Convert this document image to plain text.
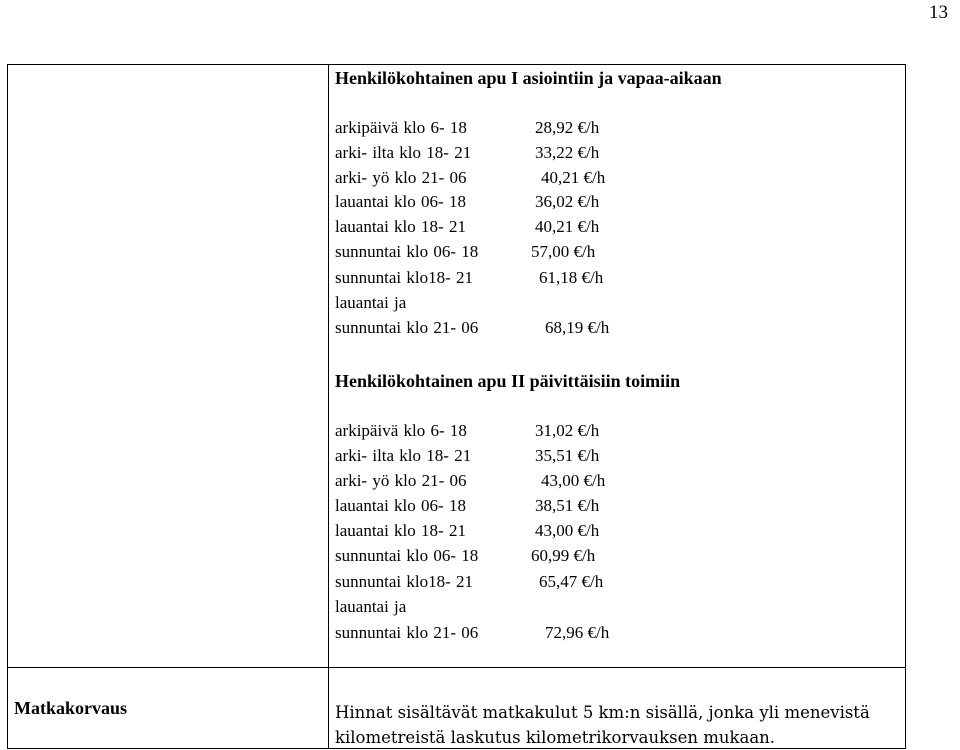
13
Henkilökohtainen apu I asiointiin ja vapaa-aikaan
arkipäivä klo 6- 18	28,92 €/h
arki- ilta klo 18- 21	33,22 €/h
arki- yö klo 21- 06	40,21 €/h
lauantai klo 06- 18	36,02 €/h
lauantai klo 18- 21	40,21 €/h
sunnuntai klo 06- 18	57,00 €/h
sunnuntai klo18- 21	61,18 €/h
lauantai ja
sunnuntai klo 21- 06	68,19 €/h
Henkilökohtainen apu II päivittäisiin toimiin
arkipäivä klo 6- 18	31,02 €/h
arki- ilta klo 18- 21	35,51 €/h
arki- yö klo 21- 06	43,00 €/h
lauantai klo 06- 18	38,51 €/h
lauantai klo 18- 21	43,00 €/h
sunnuntai klo 06- 18	60,99 €/h
sunnuntai klo18- 21	65,47 €/h
lauantai ja
sunnuntai klo 21- 06	72,96 €/h
Matkakorvaus	Hinnat sisältävät matkakulut 5 km:n sisällä, jonka yli menevistä kilometreistä laskutus kilometrikorvauksen mukaan.
